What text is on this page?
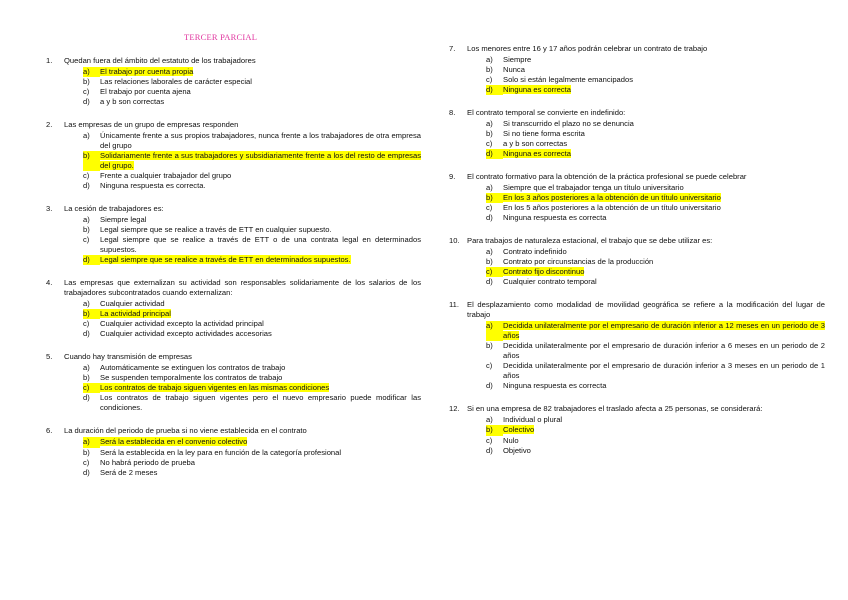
TERCER PARCIAL
1.	Quedan fuera del ámbito del estatuto de los trabajadores
a)	El trabajo por cuenta propia
b)	Las relaciones laborales de carácter especial
c)	El trabajo por cuenta ajena
d)	a y b son correctas
2.	Las empresas de un grupo de empresas responden
a)	Únicamente frente a sus propios trabajadores, nunca frente a los trabajadores de otra empresa del grupo
b)	Solidariamente frente a sus trabajadores y subsidiariamente frente a los del resto de empresas del grupo.
c)	Frente a cualquier trabajador del grupo
d)	Ninguna respuesta es correcta.
3.	La cesión de trabajadores es:
a)	Siempre legal
b)	Legal siempre que se realice a través de ETT en cualquier supuesto.
c)	Legal siempre que se realice a través de ETT o de una contrata legal en determinados supuestos.
d)	Legal siempre que se realice a través de ETT en determinados supuestos.
4.	Las empresas que externalizan su actividad son responsables solidariamente de los salarios de los trabajadores subcontratados cuando externalizan:
a)	Cualquier actividad
b)	La actividad principal
c)	Cualquier actividad excepto la actividad principal
d)	Cualquier actividad excepto actividades accesorias
5.	Cuando hay transmisión de empresas
a)	Automáticamente se extinguen los contratos de trabajo
b)	Se suspenden temporalmente los contratos de trabajo
c)	Los contratos de trabajo siguen vigentes en las mismas condiciones
d)	Los contratos de trabajo siguen vigentes pero el nuevo empresario puede modificar las condiciones.
6.	La duración del periodo de prueba si no viene establecida en el contrato
a)	Será la establecida en el convenio colectivo
b)	Será la establecida en la ley para en función de la categoría profesional
c)	No habrá periodo de prueba
d)	Será de 2 meses
7.	Los menores entre 16 y 17 años podrán celebrar un contrato de trabajo
a)	Siempre
b)	Nunca
c)	Solo si están legalmente emancipados
d)	Ninguna es correcta
8.	El contrato temporal se convierte en indefinido:
a)	Si transcurrido el plazo no se denuncia
b)	Si no tiene forma escrita
c)	a y b son correctas
d)	Ninguna es correcta
9.	El contrato formativo para la obtención de la práctica profesional se puede celebrar
a)	Siempre que el trabajador tenga un título universitario
b)	En los 3 años posteriores a la obtención de un título universitario
c)	En los 5 años posteriores a la obtención de un título universitario
d)	Ninguna respuesta es correcta
10. Para trabajos de naturaleza estacional, el trabajo que se debe utilizar es:
a)	Contrato indefinido
b)	Contrato por circunstancias de la producción
c)	Contrato fijo discontinuo
d)	Cualquier contrato temporal
11.	El desplazamiento como modalidad de movilidad geográfica se refiere a la modificación del lugar de trabajo
a)	Decidida unilateralmente por el empresario de duración inferior a 12 meses en un periodo de 3 años
b)	Decidida unilateralmente por el empresario de duración inferior a 6 meses en un periodo de 2 años
c)	Decidida unilateralmente por el empresario de duración inferior a 3 meses en un periodo de 1 años
d)	Ninguna respuesta es correcta
12. Si en una empresa de 82 trabajadores el traslado afecta a 25 personas, se considerará:
a)	Individual o plural
b)	Colectivo
c)	Nulo
d)	Objetivo
